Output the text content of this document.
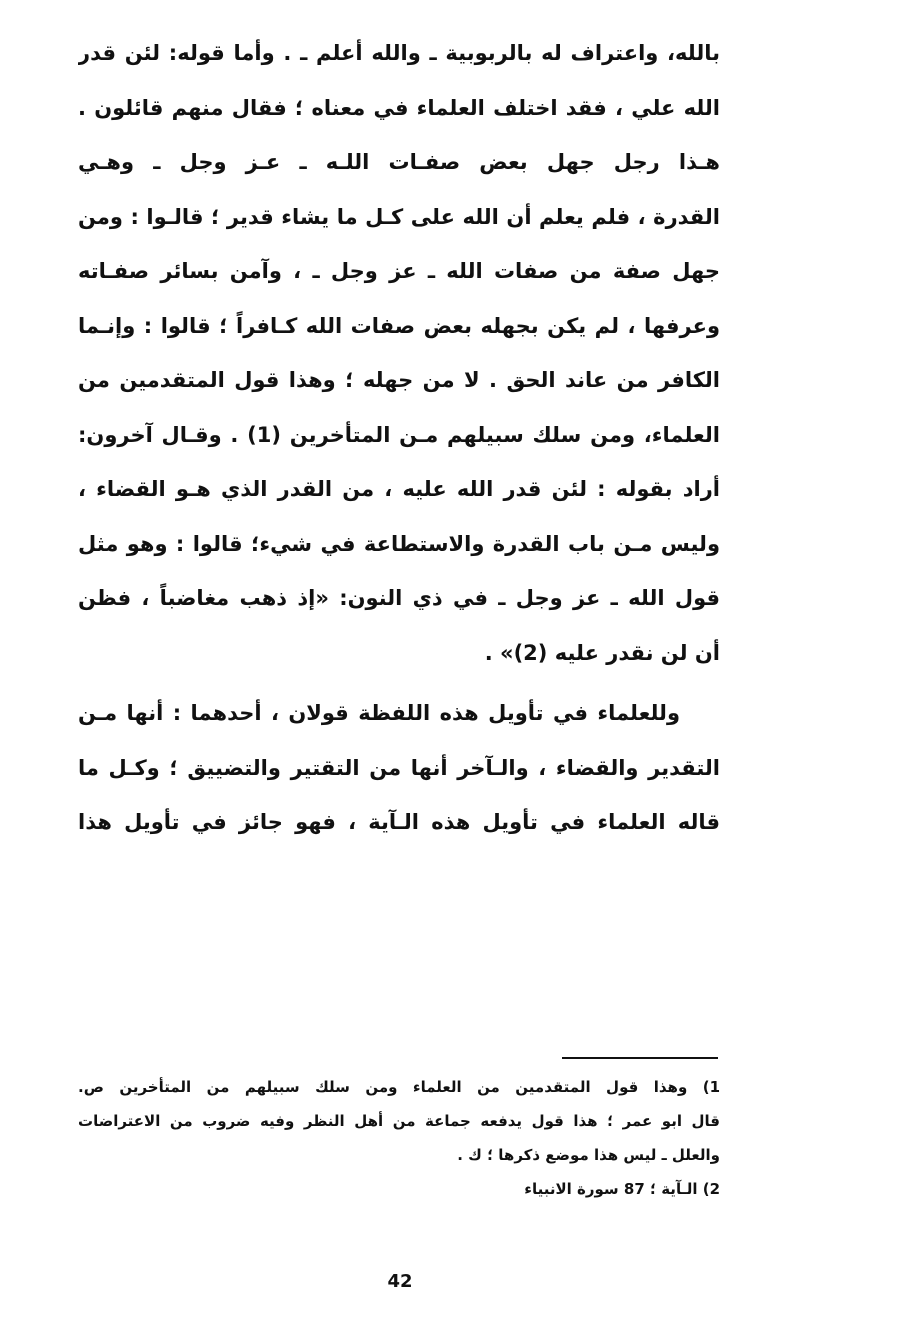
بالله، واعتراف له بالربوبية ـ والله أعلم ـ . وأما قوله: لئن قدر
الله علي ، فقد اختلف العلماء في معناه ؛ فقال منهم قائلون .
هـذا رجل جهل بعض صفـات اللـه ـ عـز وجل ـ وهـي
القدرة ، فلم يعلم أن الله على كـل ما يشاء قدير ؛ قالـوا : ومن
جهل صفة من صفات الله ـ عز وجل ـ ، وآمن بسائر صفـاته
وعرفها ، لم يكن بجهله بعض صفات الله كـافراً ؛ قالوا : وإنـما
الكافر من عاند الحق . لا من جهله ؛ وهذا قول المتقدمين من
العلماء، ومن سلك سبيلهم مـن المتأخرين (1) . وقـال آخرون:
أراد بقوله : لئن قدر الله عليه ، من القدر الذي هـو القضاء ،
وليس مـن باب القدرة والاستطاعة في شيء؛ قالوا : وهو مثل
قول الله ـ عز وجل ـ في ذي النون: «إذ ذهب مغاضباً ، فظن
أن لن نقدر عليه (2)» .
وللعلماء في تأويل هذه اللفظة قولان ، أحدهما : أنها مـن
التقدير والقضاء ، والـآخر أنها من التقتير والتضييق ؛ وكـل ما
قاله العلماء في تأويل هذه الـآية ، فهو جائز في تأويل هذا
1) وهذا قول المتقدمين من العلماء ومن سلك سبيلهم من المتأخرين ص.
قال ابو عمر ؛ هذا قول يدفعه جماعة من أهل النظر وفيه ضروب من الاعتراضات
والعلل ـ ليس هذا موضع ذكرها ؛ ك .
2) الـآية ؛ 87 سورة الانبياء
42
